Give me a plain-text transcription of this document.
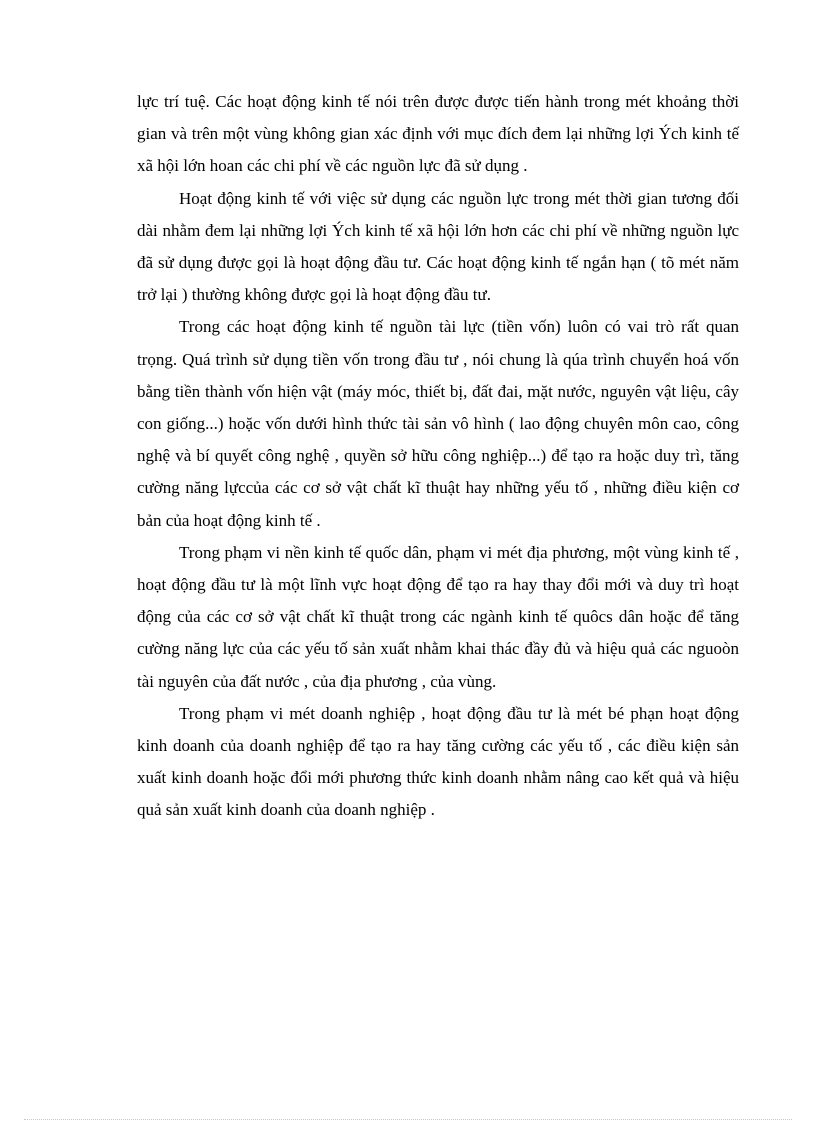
lực trí tuệ. Các hoạt động kinh tế nói trên được được tiến hành trong mét khoảng thời gian và trên một vùng không gian xác định với mục đích đem lại những lợi Ých kinh tế xã hội lớn hoan các chi phí về các nguồn lực đã sử dụng .

Hoạt động kinh tế với việc sử dụng các nguồn lực trong mét thời gian tương đối dài nhằm đem lại những lợi Ých kinh tế xã hội lớn hơn các chi phí về những nguồn lực đã sử dụng được gọi là hoạt động đầu tư. Các hoạt động kinh tế ngắn hạn ( tõ mét năm trở lại ) thường không được gọi là hoạt động đầu tư.

Trong các hoạt động kinh tế nguồn tài lực (tiền vốn) luôn có vai trò rất quan trọng. Quá trình sử dụng tiền vốn trong đầu tư , nói chung là qúa trình chuyển hoá vốn bằng tiền thành vốn hiện vật (máy móc, thiết bị, đất đai, mặt nước, nguyên vật liệu, cây con giống...) hoặc vốn dưới hình thức tài sản vô hình ( lao động chuyên môn cao, công nghệ và bí quyết công nghệ , quyền sở hữu công nghiệp...) để tạo ra hoặc duy trì, tăng cường năng lựccủa các cơ sở vật chất kĩ thuật hay những yếu tố , những điều kiện cơ bản của hoạt động kinh tế .

Trong phạm vi nền kinh tế quốc dân, phạm vi mét địa phương, một vùng kinh tế , hoạt động đầu tư là một lĩnh vực hoạt động để tạo ra hay thay đổi mới và duy trì hoạt động của các cơ sở vật chất kĩ thuật trong các ngành kinh tế quôcs dân hoặc để tăng cường năng lực của các yếu tố sản xuất nhằm khai thác đầy đủ và hiệu quả các nguoòn tài nguyên của đất nước , của địa phương , của vùng.

Trong phạm vi mét doanh nghiệp , hoạt động đầu tư là mét bé phạn hoạt động kinh doanh của doanh nghiệp để tạo ra hay tăng cường các yếu tố , các điều kiện sản xuất kinh doanh hoặc đổi mới phương thức kinh doanh nhằm nâng cao kết quả và hiệu quả sản xuất kinh doanh của doanh nghiệp .
